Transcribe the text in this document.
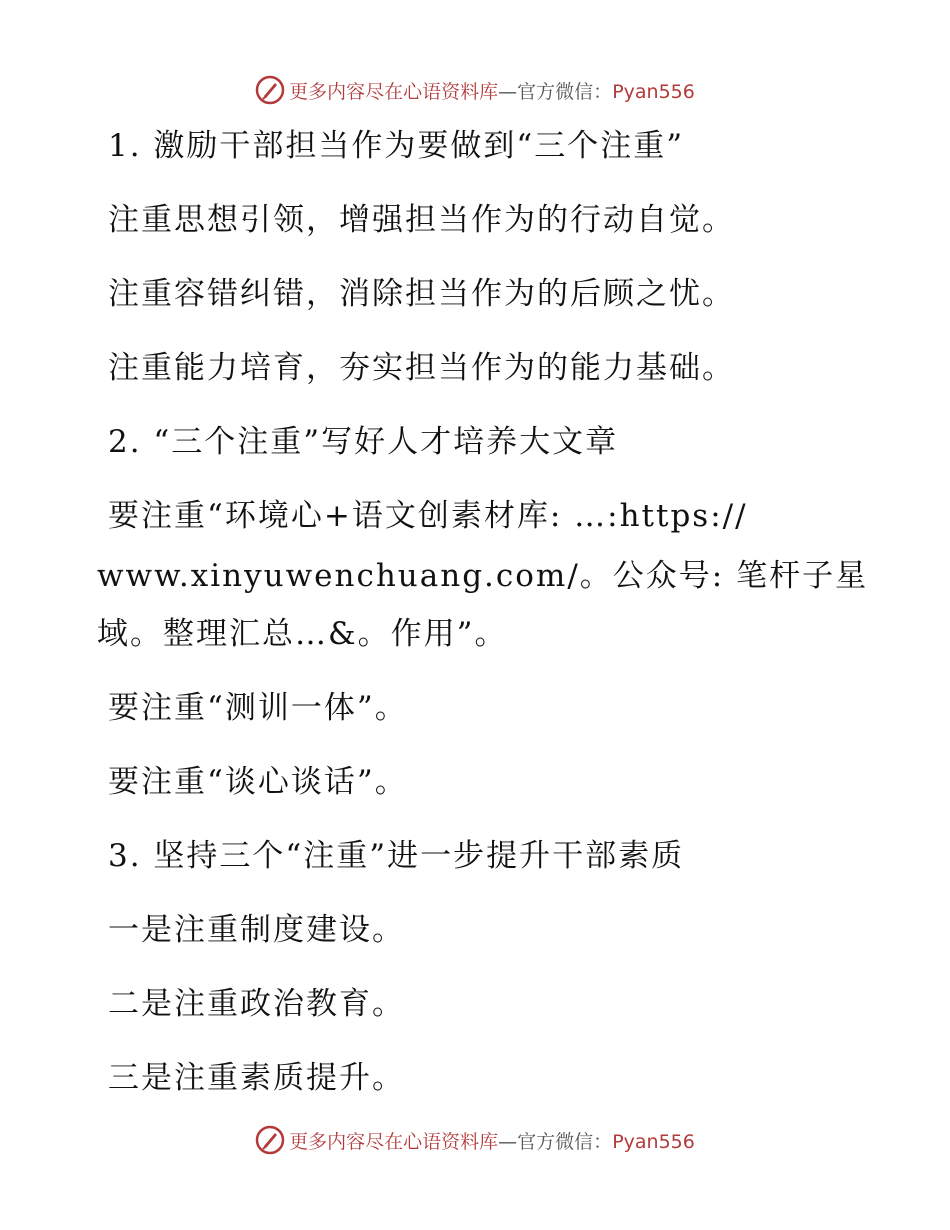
更多内容尽在心语资料库—官方微信：Pyan556
1. 激励干部担当作为要做到“三个注重”
注重思想引领，增强担当作为的行动自觉。
注重容错纠错，消除担当作为的后顾之忧。
注重能力培育，夯实担当作为的能力基础。
2. “三个注重”写好人才培养大文章
要注重“环境心+语文创素材库: …:https://
www.xinyuwenchuang.com/。公众号: 笔杆子星
域。整理汇总…&。作用”。
要注重“测训一体”。
要注重“谈心谈话”。
3. 坚持三个“注重”进一步提升干部素质
一是注重制度建设。
二是注重政治教育。
三是注重素质提升。
更多内容尽在心语资料库—官方微信：Pyan556
